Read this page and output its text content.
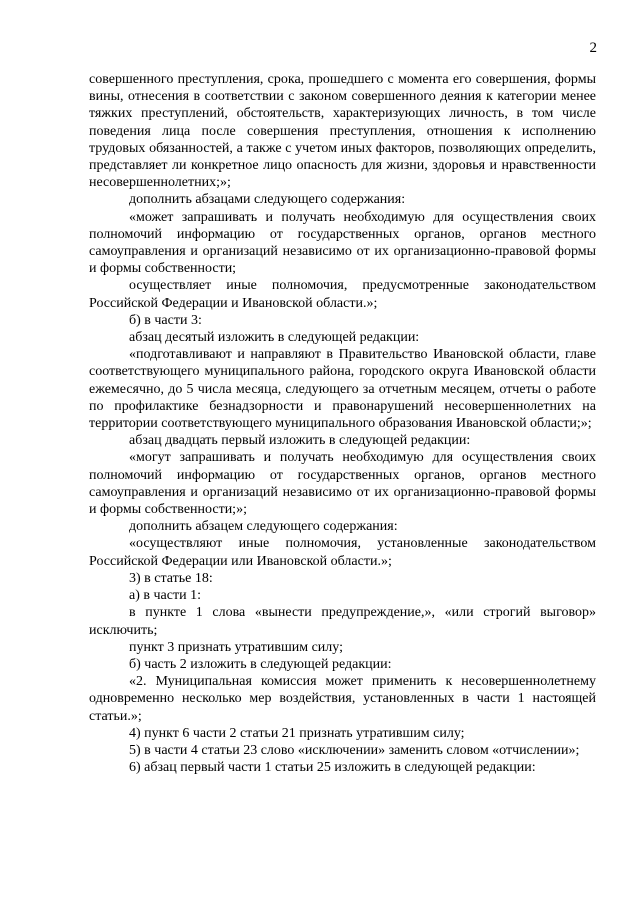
2

совершенного преступления, срока, прошедшего с момента его совершения, формы вины, отнесения в соответствии с законом совершенного деяния к категории менее тяжких преступлений, обстоятельств, характеризующих личность, в том числе поведения лица после совершения преступления, отношения к исполнению трудовых обязанностей, а также с учетом иных факторов, позволяющих определить, представляет ли конкретное лицо опасность для жизни, здоровья и нравственности несовершеннолетних;»;

дополнить абзацами следующего содержания:

«может запрашивать и получать необходимую для осуществления своих полномочий информацию от государственных органов, органов местного самоуправления и организаций независимо от их организационно-правовой формы и формы собственности;

осуществляет иные полномочия, предусмотренные законодательством Российской Федерации и Ивановской области.»;

б) в части 3:

абзац десятый изложить в следующей редакции:

«подготавливают и направляют в Правительство Ивановской области, главе соответствующего муниципального района, городского округа Ивановской области ежемесячно, до 5 числа месяца, следующего за отчетным месяцем, отчеты о работе по профилактике безнадзорности и правонарушений несовершеннолетних на территории соответствующего муниципального образования Ивановской области;»;

абзац двадцать первый изложить в следующей редакции:

«могут запрашивать и получать необходимую для осуществления своих полномочий информацию от государственных органов, органов местного самоуправления и организаций независимо от их организационно-правовой формы и формы собственности;»;

дополнить абзацем следующего содержания:

«осуществляют иные полномочия, установленные законодательством Российской Федерации или Ивановской области.»;

3) в статье 18:

а) в части 1:

в пункте 1 слова «вынести предупреждение,», «или строгий выговор» исключить;

пункт 3 признать утратившим силу;

б) часть 2 изложить в следующей редакции:

«2. Муниципальная комиссия может применить к несовершеннолетнему одновременно несколько мер воздействия, установленных в части 1 настоящей статьи.»;

4) пункт 6 части 2 статьи 21 признать утратившим силу;

5) в части 4 статьи 23 слово «исключении» заменить словом «отчислении»;

6) абзац первый части 1 статьи 25 изложить в следующей редакции:
